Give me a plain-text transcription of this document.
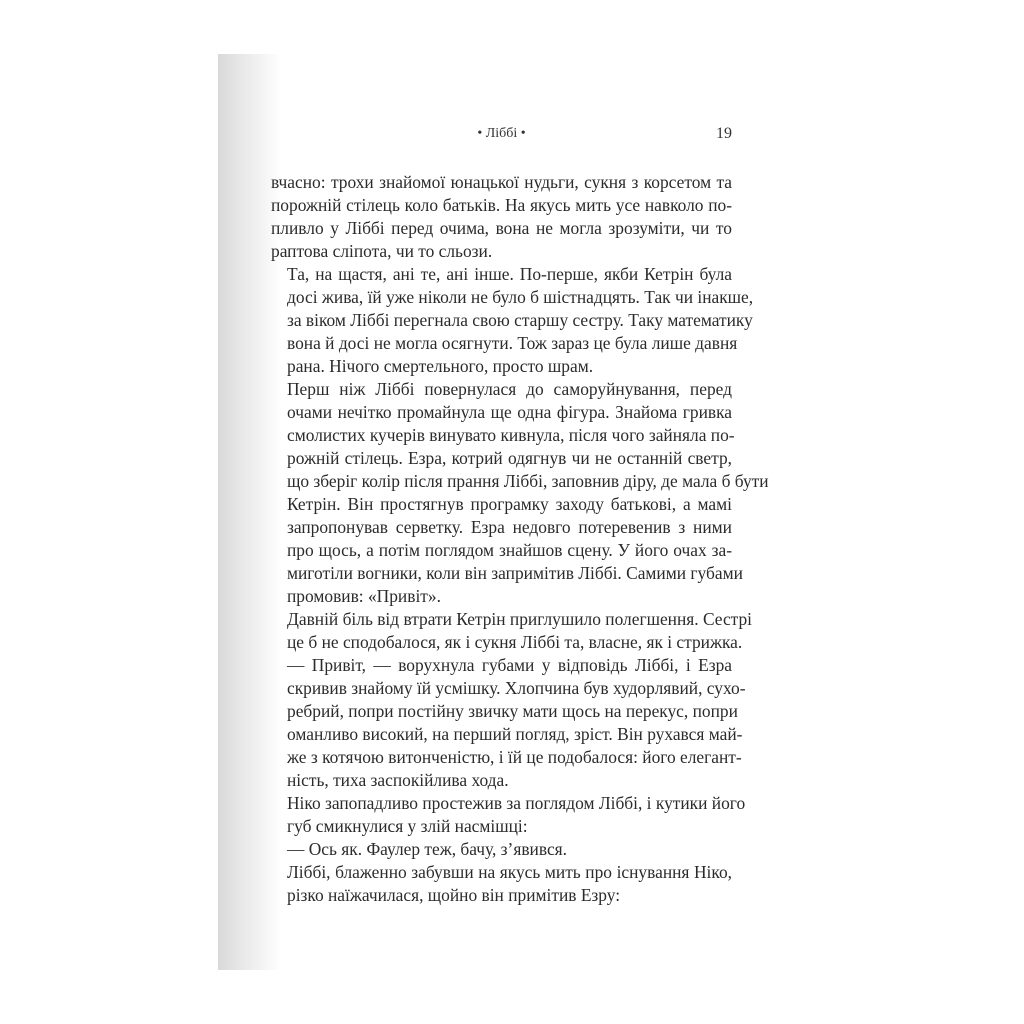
• Ліббі •	19

вчасно: трохи знайомої юнацької нудьги, сукня з корсетом та
порожній стілець коло батьків. На якусь мить усе навколо по-
пливло у Ліббі перед очима, вона не могла зрозуміти, чи то
раптова сліпота, чи то сльози.

Та, на щастя, ані те, ані інше. По-перше, якби Кетрін була
досі жива, їй уже ніколи не було б шістнадцять. Так чи інакше,
за віком Ліббі перегнала свою старшу сестру. Таку математику
вона й досі не могла осягнути. Тож зараз це була лише давня
рана. Нічого смертельного, просто шрам.

Перш ніж Ліббі повернулася до саморуйнування, перед
очами нечітко промайнула ще одна фігура. Знайома гривка
смолистих кучерів винувато кивнула, після чого зайняла по-
рожній стілець. Езра, котрий одягнув чи не останній светр,
що зберіг колір після прання Ліббі, заповнив діру, де мала б бути
Кетрін. Він простягнув програмку заходу батькові, а мамі
запропонував серветку. Езра недовго потеревенив з ними
про щось, а потім поглядом знайшов сцену. У його очах за-
миготіли вогники, коли він запримітив Ліббі. Самими губами
промовив: «Привіт».

Давній біль від втрати Кетрін приглушило полегшення. Сестрі
це б не сподобалося, як і сукня Ліббі та, власне, як і стрижка.

— Привіт, — ворухнула губами у відповідь Ліббі, і Езра
скривив знайому їй усмішку. Хлопчина був худорлявий, сухо-
ребрий, попри постійну звичку мати щось на перекус, попри
оманливо високий, на перший погляд, зріст. Він рухався май-
же з котячою витонченістю, і їй це подобалося: його елегант-
ність, тиха заспокійлива хода.

Ніко запопадливо простежив за поглядом Ліббі, і кутики його
губ смикнулися у злій насмішці:

— Ось як. Фаулер теж, бачу, з’явився.

Ліббі, блаженно забувши на якусь мить про існування Ніко,
різко наїжачилася, щойно він примітив Езру:
